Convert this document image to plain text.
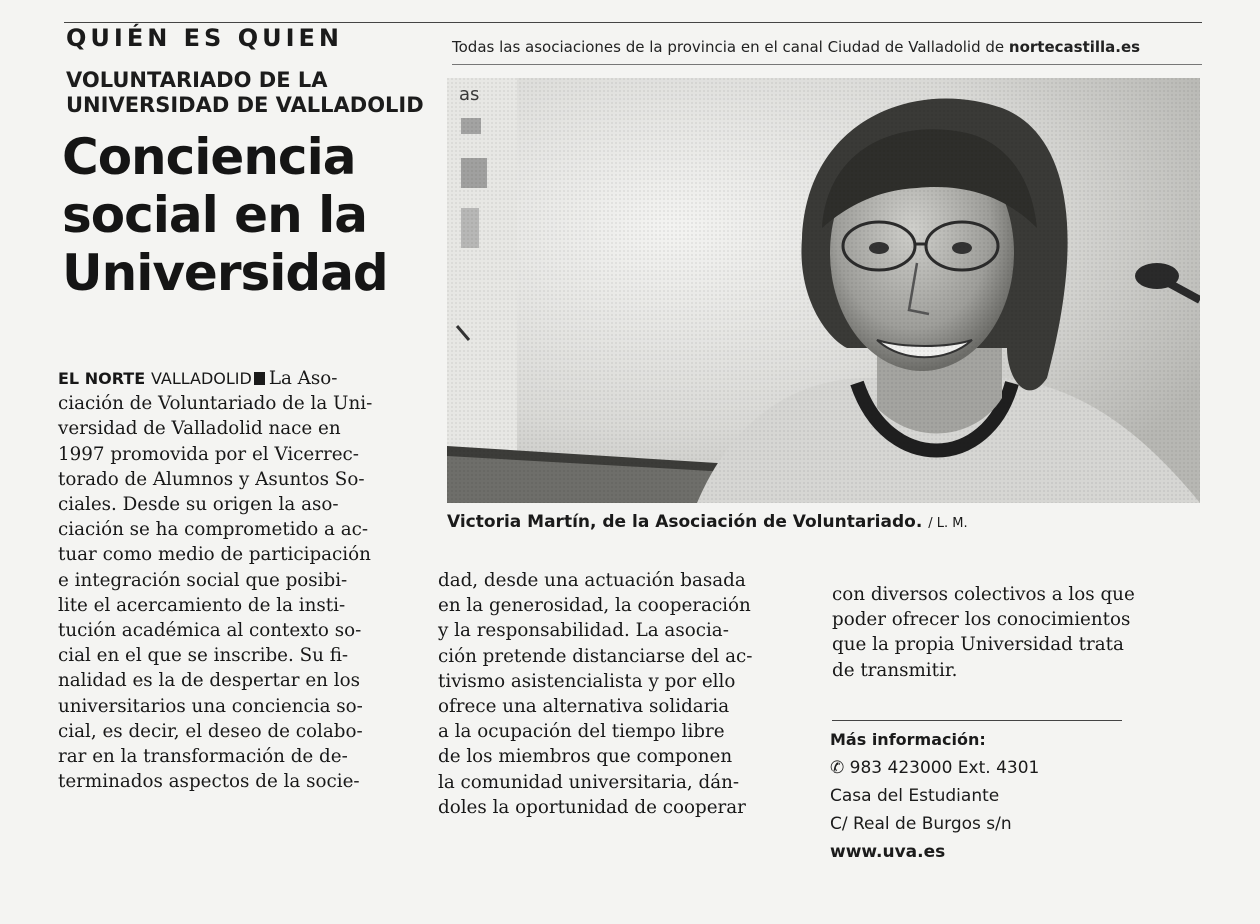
QUIÉN ES QUIEN	Todas las asociaciones de la provincia en el canal Ciudad de Valladolid de nortecastilla.es
VOLUNTARIADO DE LA
UNIVERSIDAD DE VALLADOLID
Conciencia
social en la
Universidad
Victoria Martín, de la Asociación de Voluntariado. / L. M.
EL NORTE VALLADOLID La Aso-
ciación de Voluntariado de la Uni-
versidad de Valladolid nace en
1997 promovida por el Vicerrec-
torado de Alumnos y Asuntos So-
ciales. Desde su origen la aso-
ciación se ha comprometido a ac-
tuar como medio de participación
e integración social que posibi-
lite el acercamiento de la insti-
tución académica al contexto so-
cial en el que se inscribe. Su fi-
nalidad es la de despertar en los
universitarios una conciencia so-
cial, es decir, el deseo de colabo-
rar en la transformación de de-
terminados aspectos de la socie-
dad, desde una actuación basada
en la generosidad, la cooperación
y la responsabilidad. La asocia-
ción pretende distanciarse del ac-
tivismo asistencialista y por ello
ofrece una alternativa solidaria
a la ocupación del tiempo libre
de los miembros que componen
la comunidad universitaria, dán-
doles la oportunidad de cooperar
con diversos colectivos a los que
poder ofrecer los conocimientos
que la propia Universidad trata
de transmitir.
Más información:
✆ 983 423000 Ext. 4301
Casa del Estudiante
C/ Real de Burgos s/n
www.uva.es
